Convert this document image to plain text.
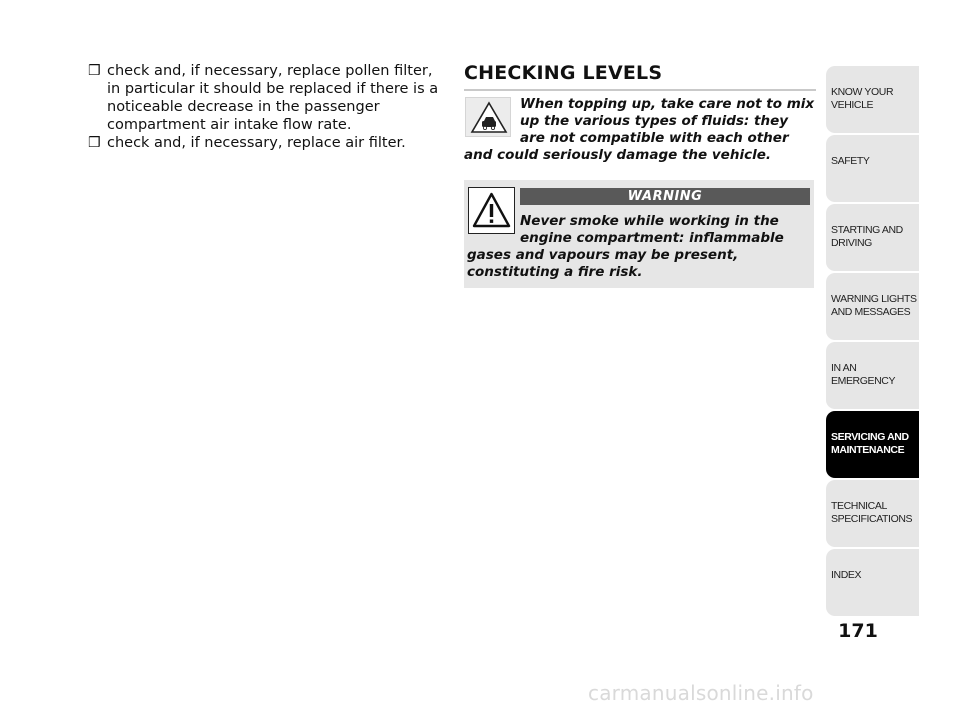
❒ check and, if necessary, replace pollen filter, in particular it should be replaced if there is a noticeable decrease in the passenger compartment air intake flow rate.
❒ check and, if necessary, replace air filter.
CHECKING LEVELS
When topping up, take care not to mix up the various types of fluids: they are not compatible with each other and could seriously damage the vehicle.
WARNING
Never smoke while working in the engine compartment: inflammable gases and vapours may be present, constituting a fire risk.
KNOW YOUR
VEHICLE
SAFETY
STARTING AND
DRIVING
WARNING LIGHTS
AND MESSAGES
IN AN EMERGENCY
SERVICING AND
MAINTENANCE
TECHNICAL
SPECIFICATIONS
INDEX
171
carmanualsonline.info
